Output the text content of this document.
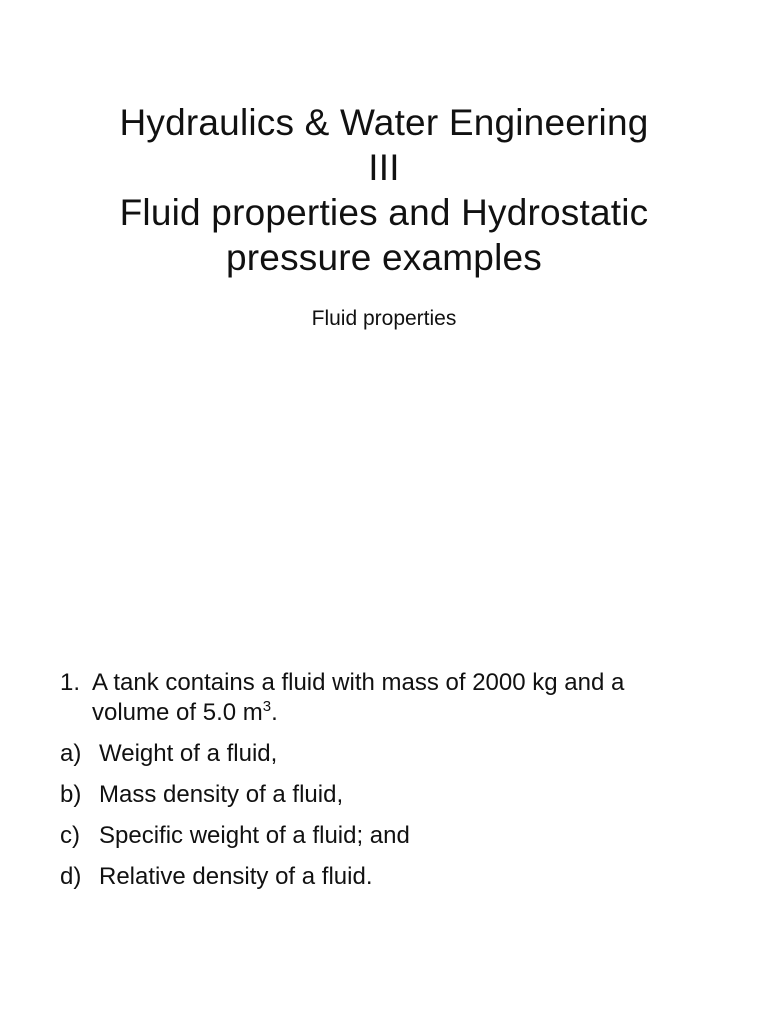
Hydraulics & Water Engineering
III
Fluid properties and Hydrostatic
pressure examples
Fluid properties
1. A tank contains a fluid with mass of 2000 kg and a
volume of 5.0 $m^3$.
a) Weight of a fluid,
b) Mass density of a fluid,
c) Specific weight of a fluid; and
d) Relative density of a fluid.
